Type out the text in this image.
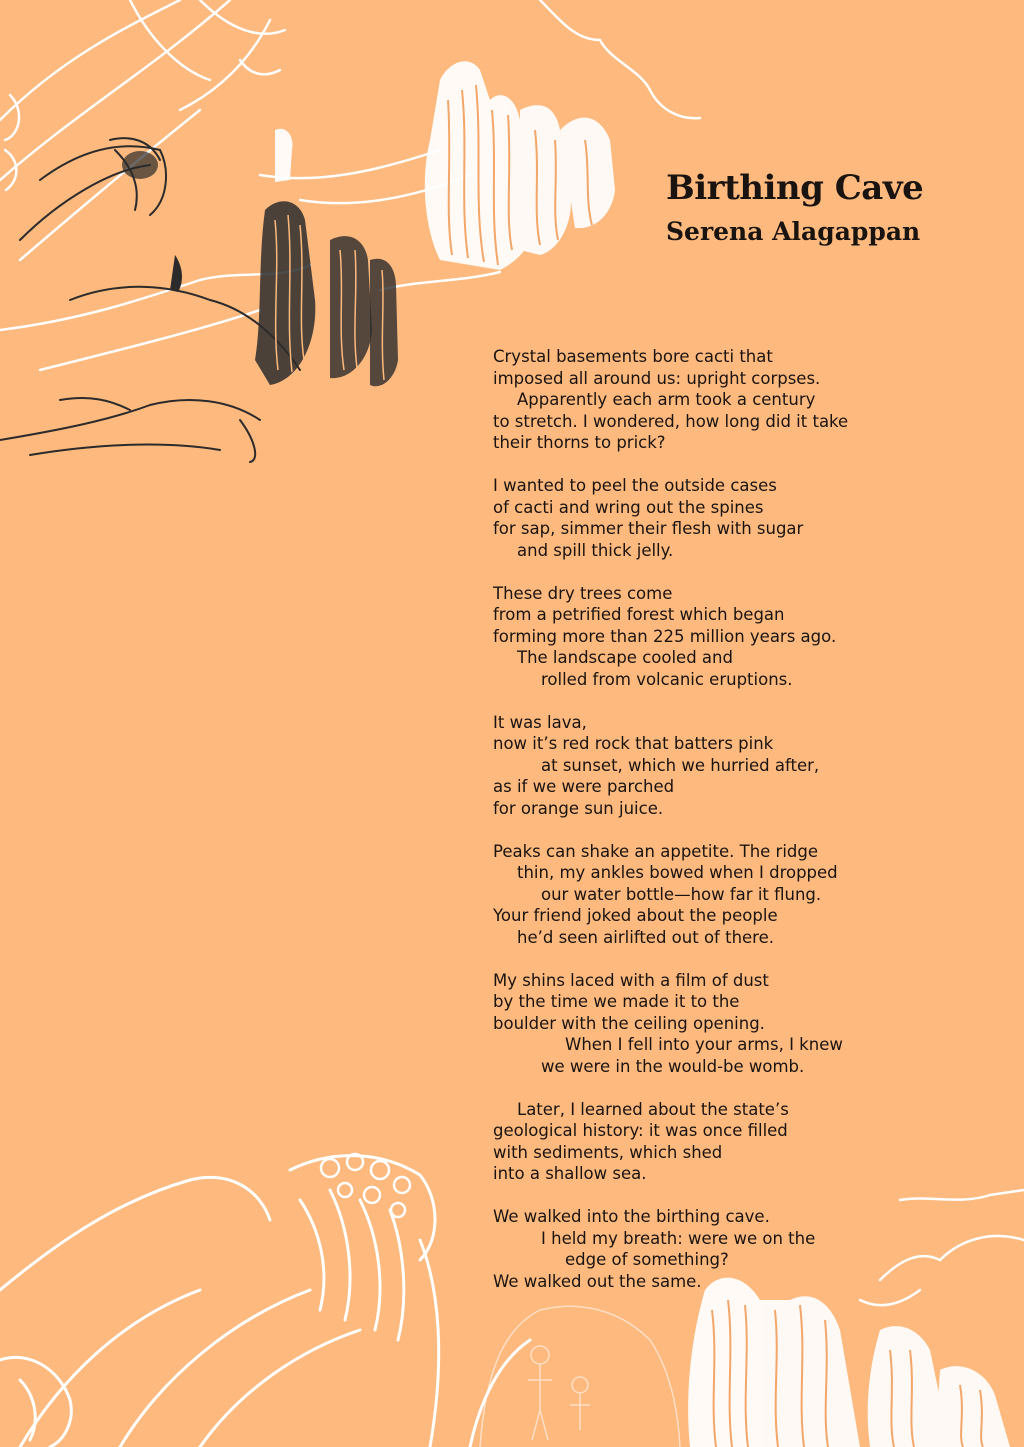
Birthing Cave
Serena Alagappan
Crystal basements bore cacti that
imposed all around us: upright corpses.
Apparently each arm took a century
to stretch. I wondered, how long did it take
their thorns to prick?
I wanted to peel the outside cases
of cacti and wring out the spines
for sap, simmer their flesh with sugar
and spill thick jelly.
These dry trees come
from a petrified forest which began
forming more than 225 million years ago.
The landscape cooled and
rolled from volcanic eruptions.
It was lava,
now it’s red rock that batters pink
at sunset, which we hurried after,
as if we were parched
for orange sun juice.
Peaks can shake an appetite. The ridge
thin, my ankles bowed when I dropped
our water bottle—how far it flung.
Your friend joked about the people
he’d seen airlifted out of there.
My shins laced with a film of dust
by the time we made it to the
boulder with the ceiling opening.
When I fell into your arms, I knew
we were in the would-be womb.
Later, I learned about the state’s
geological history: it was once filled
with sediments, which shed
into a shallow sea.
We walked into the birthing cave.
I held my breath: were we on the
edge of something?
We walked out the same.
